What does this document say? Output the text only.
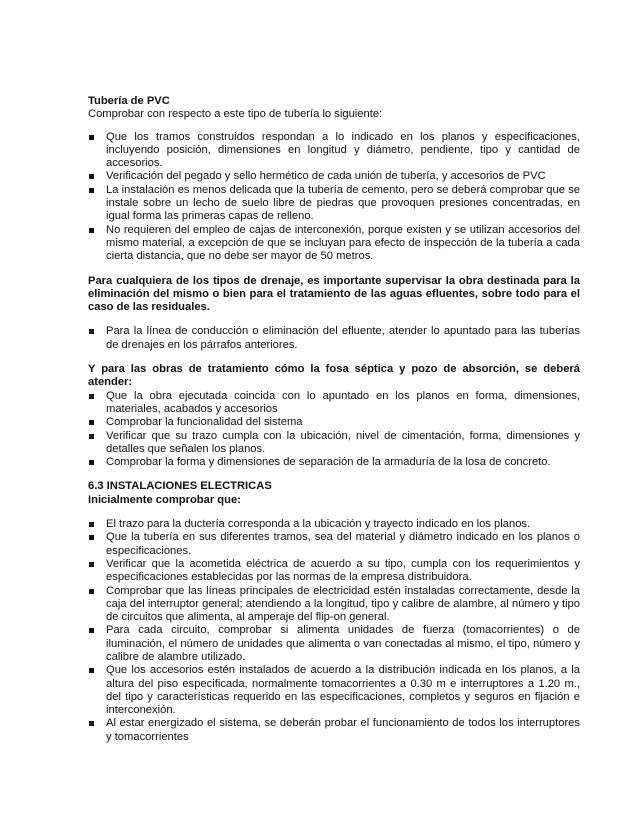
Tubería de PVC

Comprobar con respecto a este tipo de tubería lo siguiente:

Que los tramos construidos respondan a lo indicado en los planos y especificaciones, incluyendo posición, dimensiones en longitud y diámetro, pendiente, tipo y cantidad de accesorios.
Verificación del pegado y sello hermético de cada unión de tubería, y accesorios de PVC
La instalación es menos delicada que la tubería de cemento, pero se deberá comprobar que se instale sobre un lecho de suelo libre de piedras que provoquen presiones concentradas, en igual forma las primeras capas de relleno.
No requieren del empleo de cajas de interconexión, porque existen y se utilizan accesorios del mismo material, a excepción de que se incluyan para efecto de inspección de la tubería a cada cierta distancia, que no debe ser mayor de 50 metros.

Para cualquiera de los tipos de drenaje, es importante supervisar la obra destinada para la eliminación del mismo o bien para el tratamiento de las aguas efluentes, sobre todo para el caso de las residuales.

Para la línea de conducción o eliminación del efluente, atender lo apuntado para las tuberías de drenajes en los párrafos anteriores.

Y para las obras de tratamiento cómo la fosa séptica y pozo de absorción, se deberá atender:

Que la obra ejecutada coincida con lo apuntado en los planos en forma, dimensiones, materiales, acabados y accesorios
Comprobar la funcionalidad del sistema
Verificar que su trazo cumpla con la ubicación, nivel de cimentación, forma, dimensiones y detalles que señalen los planos.
Comprobar la forma y dimensiones de separación de la armaduría de la losa de concreto.

6.3 INSTALACIONES ELECTRICAS

Inicialmente comprobar que:

El trazo para la ductería corresponda a la ubicación y trayecto indicado en los planos.
Que la tubería en sus diferentes tramos, sea del material y diámetro indicado en los planos o especificaciones.
Verificar que la acometida eléctrica de acuerdo a su tipo, cumpla con los requerimientos y especificaciones establecidas por las normas de la empresa distribuidora.
Comprobar que las líneas principales de electricidad estén instaladas correctamente, desde la caja del interruptor general; atendiendo a la longitud, tipo y calibre de alambre, al número y tipo de circuitos que alimenta, al amperaje del flip-on general.
Para cada circuito, comprobar si alimenta unidades de fuerza (tomacorrientes) o de iluminación, el número de unidades que alimenta o van conectadas al mismo, el tipo, número y calibre de alambre utilizado.
Que los accesorios estén instalados de acuerdo a la distribución indicada en los planos, a la altura del piso especificada, normalmente tomacorrientes a 0.30 m e interruptores a 1.20 m., del tipo y características requerido en las especificaciones, completos y seguros en fijación e interconexión.
Al estar energizado el sistema, se deberán probar el funcionamiento de todos los interruptores y tomacorrientes
